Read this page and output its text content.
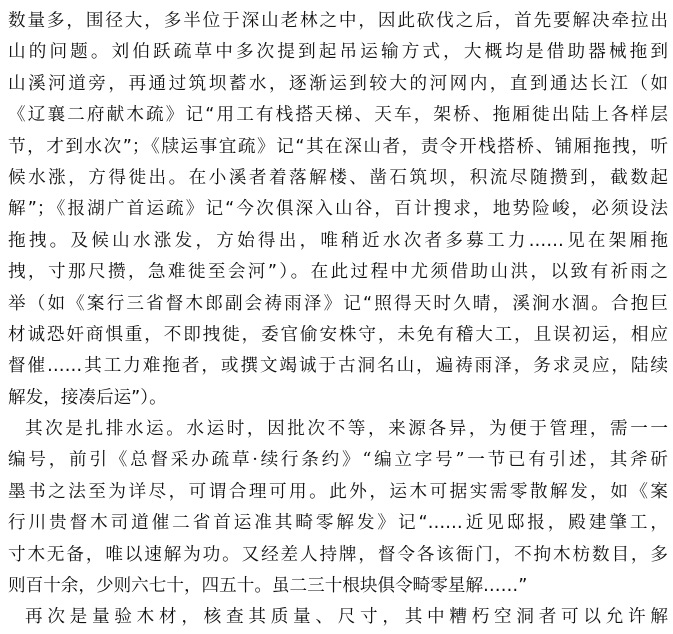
数量多，围径大，多半位于深山老林之中，因此砍伐之后，首先要解决牵拉出
山的问题。刘伯跃疏草中多次提到起吊运输方式，大概均是借助器械拖到
山溪河道旁，再通过筑坝蓄水，逐渐运到较大的河网内，直到通达长江（如
《辽襄二府献木疏》记“用工有栈搭天梯、天车，架桥、拖厢徙出陆上各样层
节，才到水次”；《牍运事宜疏》记“其在深山者，责令开栈搭桥、铺厢拖拽，听
候水涨，方得徙出。在小溪者着落解楼、凿石筑坝，积流尽随攒到，截数起
解”；《报湖广首运疏》记“今次俱深入山谷，百计搜求，地势险峻，必须设法
拖拽。及候山水涨发，方始得出，唯稍近水次者多募工力……见在架厢拖
拽，寸那尺攒，急难徙至会河”）。在此过程中尤须借助山洪，以致有祈雨之
举（如《案行三省督木郎副会祷雨泽》记“照得天时久晴，溪涧水涸。合抱巨
材诚恐奸商惧重，不即拽徙，委官偷安株守，未免有稽大工，且误初运，相应
督催……其工力难拖者，或撰文竭诚于古洞名山，遍祷雨泽，务求灵应，陆续
解发，接凑后运”）。
其次是扎排水运。水运时，因批次不等，来源各异，为便于管理，需一一
编号，前引《总督采办疏草·续行条约》“编立字号”一节已有引述，其斧斫
墨书之法至为详尽，可谓合理可用。此外，运木可据实需零散解发，如《案
行川贵督木司道催二省首运准其畸零解发》记“……近见邸报，殿建肇工，
寸木无备，唯以速解为功。又经差人持牌，督令各该衙门，不拘木枋数目，多
则百十余，少则六七十，四五十。虽二三十根块俱令畸零星解……”
再次是量验木材，核查其质量、尺寸，其中糟朽空洞者可以允许解
